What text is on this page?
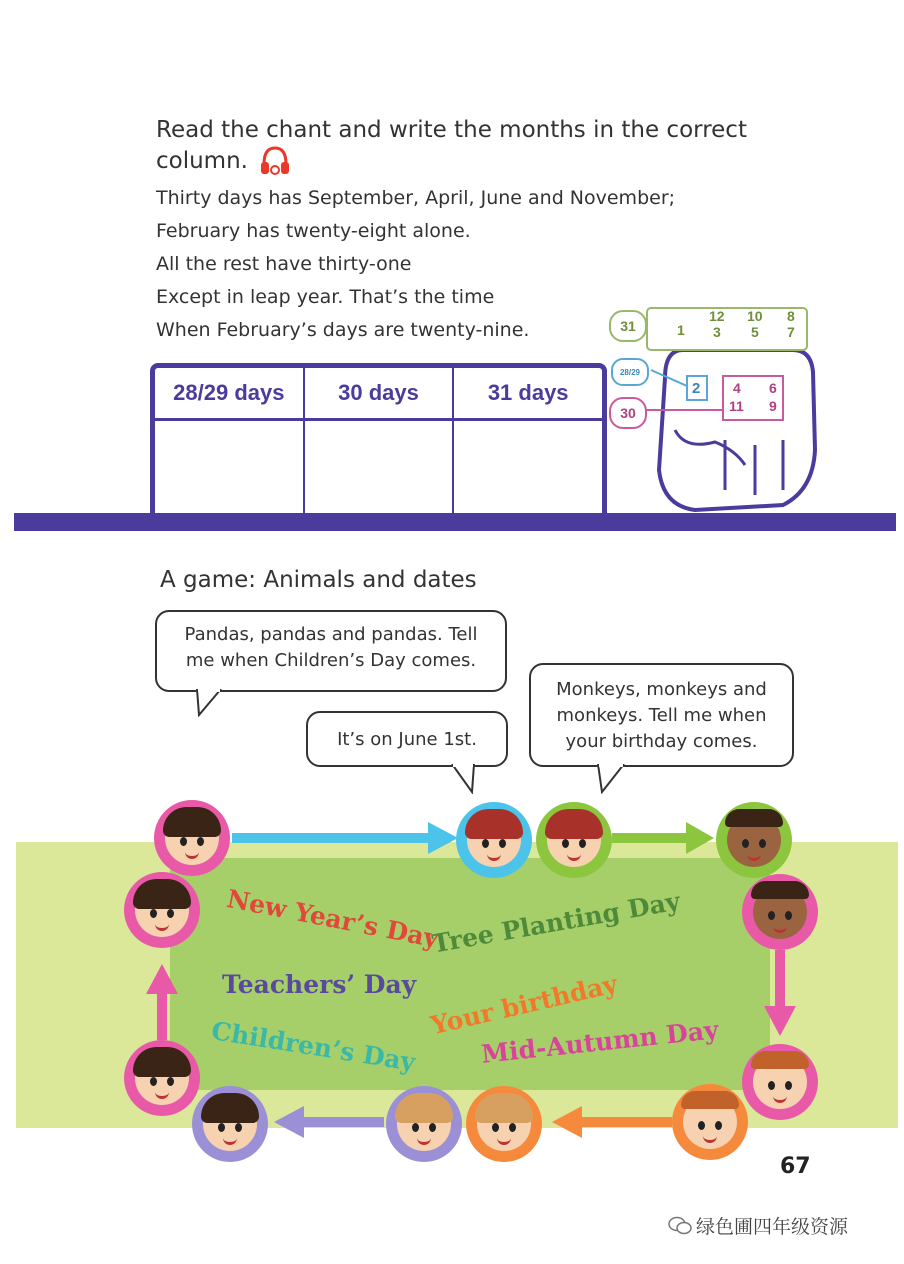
Read the chant and write the months in the correct
column.
Thirty days has September, April, June and November;
February has twenty-eight alone.
All the rest have thirty-one
Except in leap year. That’s the time
When February’s days are twenty-nine.
28/29 days	30 days	31 days
31
28/29
30
1
12
3
10
5
8
7
2 4
11
6
9
A game: Animals and dates
Pandas, pandas and pandas. Tell me when Children’s Day comes.
It’s on June 1st.
Monkeys, monkeys and monkeys. Tell me when your birthday comes.
New Year’s Day
Tree Planting Day
Teachers’ Day Your birthday
Children’s Day	Mid-Autumn Day
67
绿色圃四年级资源
